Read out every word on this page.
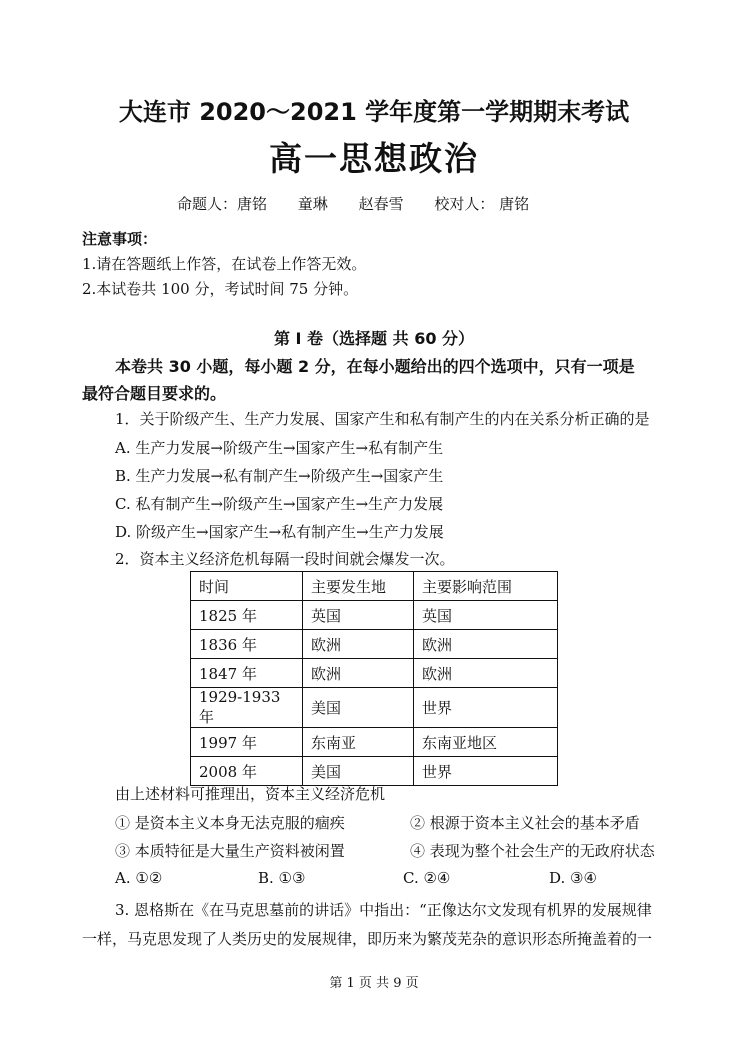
大连市 2020～2021 学年度第一学期期末考试
高一思想政治
命题人：唐铭 童琳 赵春雪 校对人： 唐铭
注意事项：
1.请在答题纸上作答，在试卷上作答无效。
2.本试卷共 100 分，考试时间 75 分钟。
第 I 卷（选择题 共 60 分）
本卷共 30 小题，每小题 2 分，在每小题给出的四个选项中，只有一项是
最符合题目要求的。
1．关于阶级产生、生产力发展、国家产生和私有制产生的内在关系分析正确的是
A. 生产力发展→阶级产生→国家产生→私有制产生
B. 生产力发展→私有制产生→阶级产生→国家产生
C. 私有制产生→阶级产生→国家产生→生产力发展
D. 阶级产生→国家产生→私有制产生→生产力发展
2．资本主义经济危机每隔一段时间就会爆发一次。
时间	主要发生地	主要影响范围
1825 年	英国	英国
1836 年	欧洲	欧洲
1847 年	欧洲	欧洲
1929-1933 年	美国	世界
1997 年	东南亚	东南亚地区
2008 年	美国	世界
由上述材料可推理出，资本主义经济危机
① 是资本主义本身无法克服的痼疾	② 根源于资本主义社会的基本矛盾
③ 本质特征是大量生产资料被闲置	④ 表现为整个社会生产的无政府状态
A. ①②	B. ①③	C. ②④	D. ③④
3. 恩格斯在《在马克思墓前的讲话》中指出：“正像达尔文发现有机界的发展规律
一样，马克思发现了人类历史的发展规律，即历来为繁茂芜杂的意识形态所掩盖着的一
第 1 页 共 9 页
